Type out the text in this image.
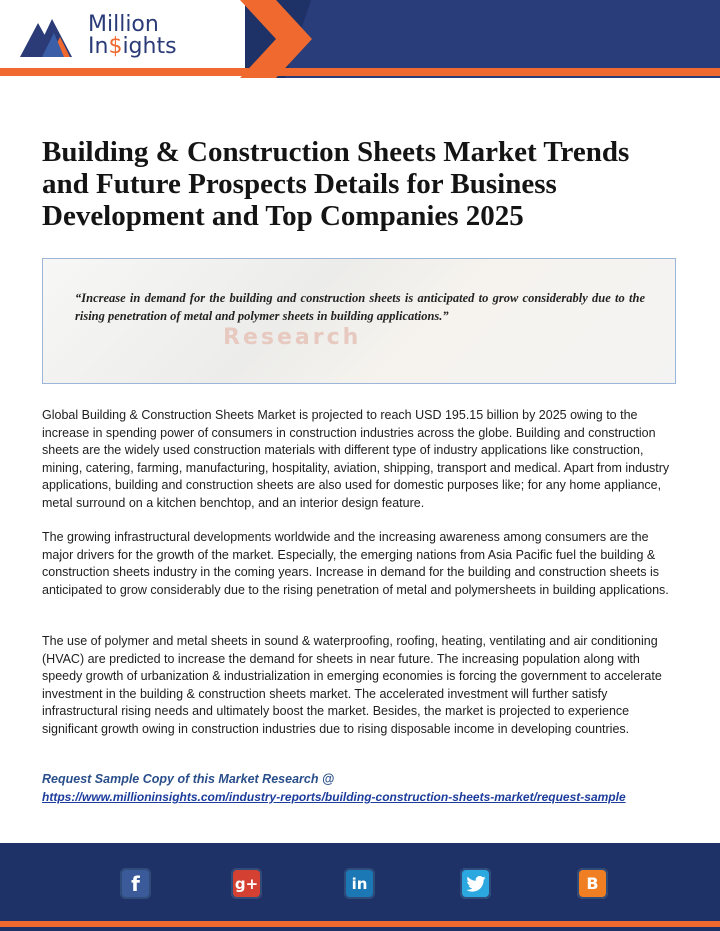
Million
In$ights
Building & Construction Sheets Market Trends and Future Prospects Details for Business Development and Top Companies 2025
Research

“Increase in demand for the building and construction sheets is anticipated to grow considerably due to the rising penetration of metal and polymer sheets in building applications.”

Global Building & Construction Sheets Market is projected to reach USD 195.15 billion by 2025 owing to the increase in spending power of consumers in construction industries across the globe. Building and construction sheets are the widely used construction materials with different type of industry applications like construction, mining, catering, farming, manufacturing, hospitality, aviation, shipping, transport and medical. Apart from industry applications, building and construction sheets are also used for domestic purposes like; for any home appliance, metal surround on a kitchen benchtop, and an interior design feature.

The growing infrastructural developments worldwide and the increasing awareness among consumers are the major drivers for the growth of the market. Especially, the emerging nations from Asia Pacific fuel the building & construction sheets industry in the coming years. Increase in demand for the building and construction sheets is anticipated to grow considerably due to the rising penetration of metal and polymersheets in building applications.

The use of polymer and metal sheets in sound & waterproofing, roofing, heating, ventilating and air conditioning (HVAC) are predicted to increase the demand for sheets in near future. The increasing population along with speedy growth of urbanization & industrialization in emerging economies is forcing the government to accelerate investment in the building & construction sheets market. The accelerated investment will further satisfy infrastructural rising needs and ultimately boost the market. Besides, the market is projected to experience significant growth owing in construction industries due to rising disposable income in developing countries.

Request Sample Copy of this Market Research @
https://www.millioninsights.com/industry-reports/building-construction-sheets-market/request-sample
f	g+	in	B
